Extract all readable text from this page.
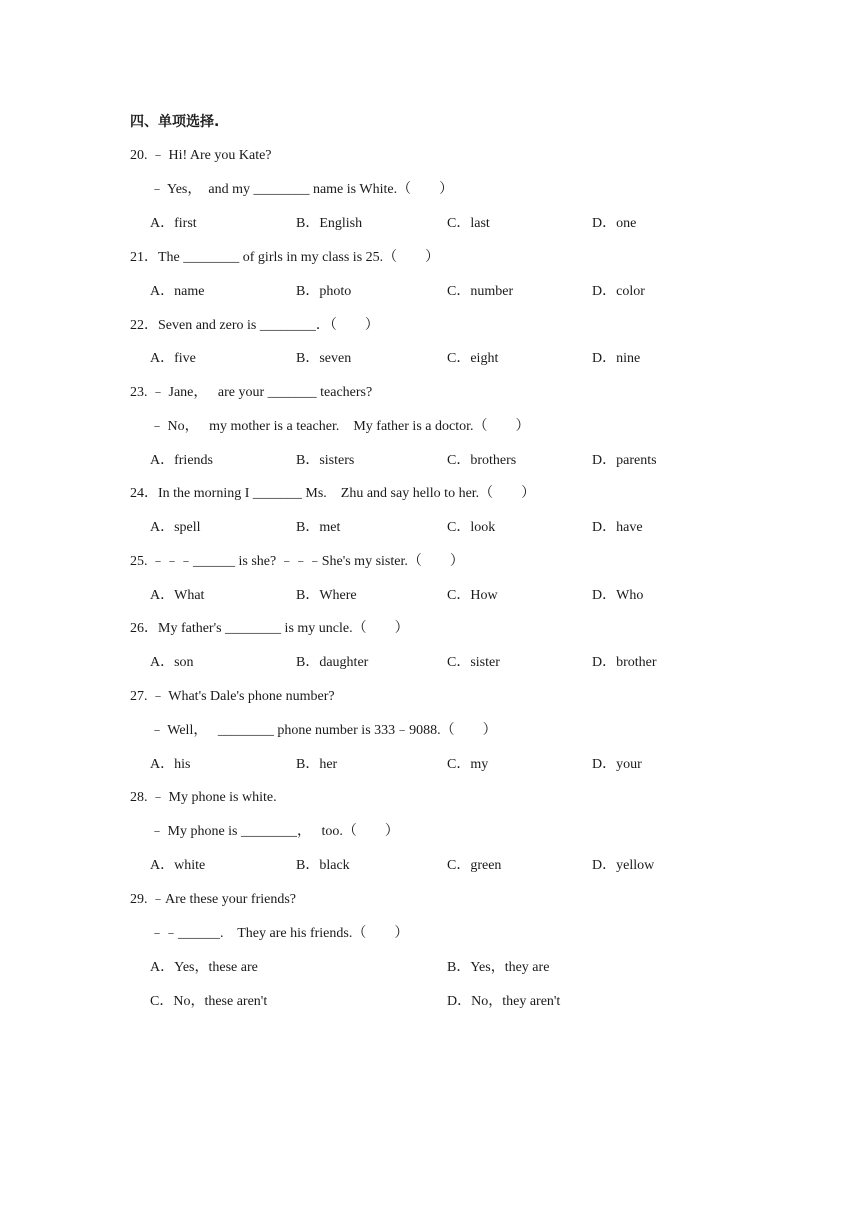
四、单项选择.
20. ﹣ Hi! Are you Kate?
﹣ Yes，  and my ________ name is White.（        ）
A．first	B．English	C．last	D．one
21．The ________ of girls in my class is 25.（        ）
A．name	B．photo	C．number	D．color
22．Seven and zero is ________．（        ）
A．five	B．seven	C．eight	D．nine
23. ﹣ Jane，   are your _______ teachers?
﹣ No，   my mother is a teacher.    My father is a doctor.（        ）
A．friends	B．sisters	C．brothers	D．parents
24．In the morning I _______ Ms.    Zhu and say hello to her.（        ）
A．spell	B．met	C．look	D．have
25. ﹣﹣﹣______ is she? ﹣﹣﹣She's my sister.（        ）
A．What	B．Where	C．How	D．Who
26．My father's ________ is my uncle.（        ）
A．son	B．daughter	C．sister	D．brother
27. ﹣ What's Dale's phone number?
﹣ Well，   ________ phone number is 333﹣9088.（        ）
A．his	B．her	C．my	D．your
28. ﹣ My phone is white.
﹣ My phone is ________，   too.（        ）
A．white	B．black	C．green	D．yellow
29. ﹣Are these your friends?
﹣﹣______.    They are his friends.（        ）
A．Yes，these are	B．Yes，they are
C．No，these aren't	D．No，they aren't
